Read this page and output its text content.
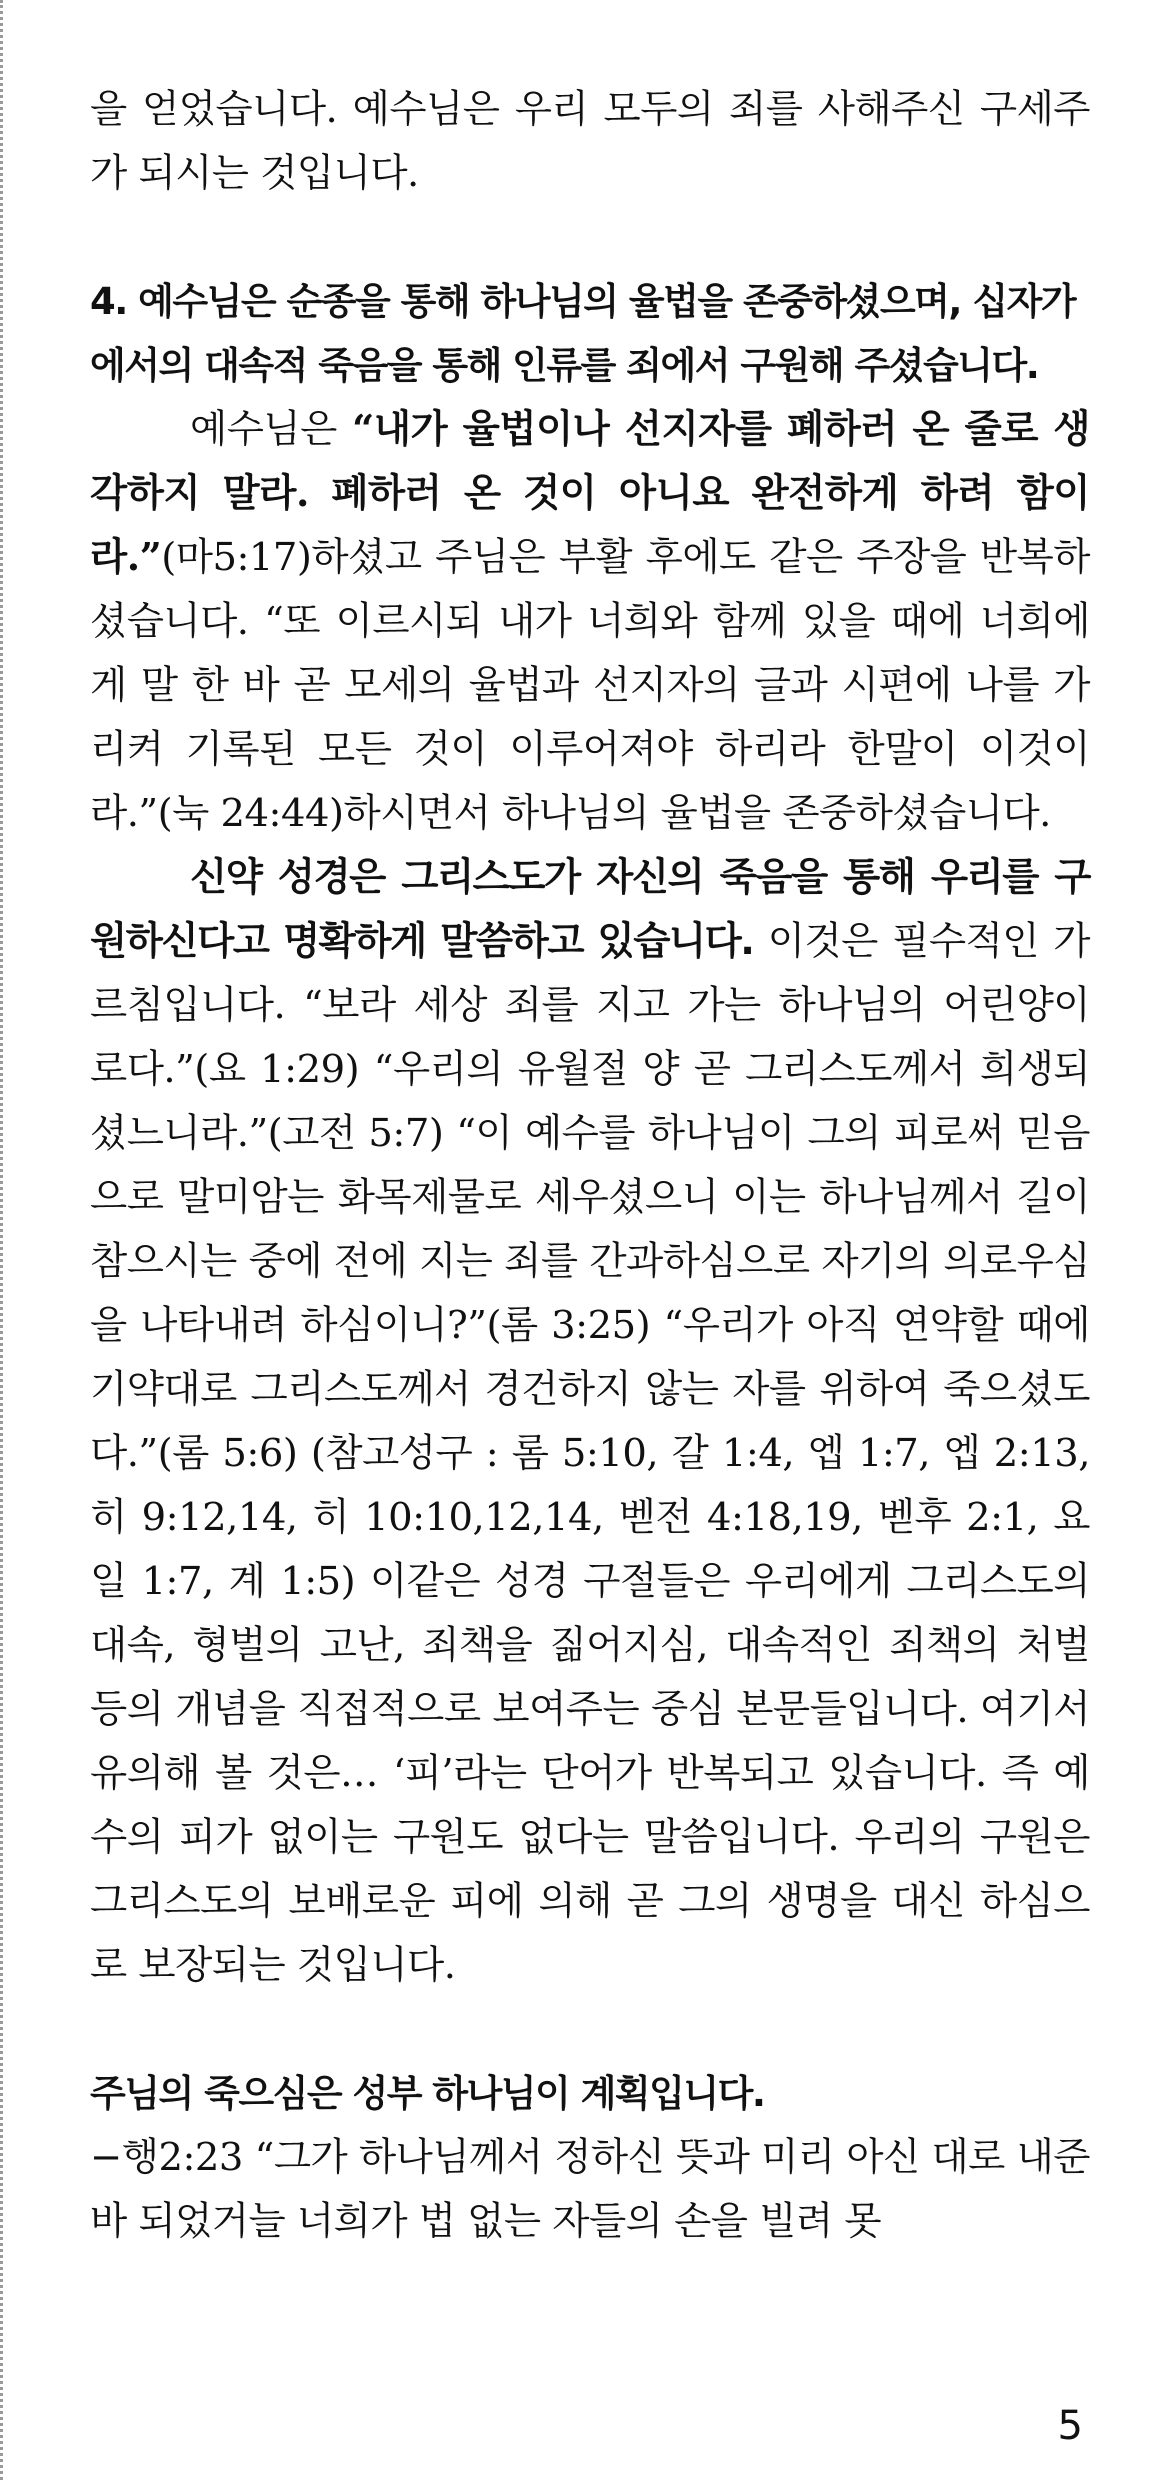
을 얻었습니다. 예수님은 우리 모두의 죄를 사해주신 구세주가 되시는 것입니다.

4. 예수님은 순종을 통해 하나님의 율법을 존중하셨으며, 십자가에서의 대속적 죽음을 통해 인류를 죄에서 구원해 주셨습니다.

예수님은 “내가 율법이나 선지자를 폐하러 온 줄로 생각하지 말라. 폐하러 온 것이 아니요 완전하게 하려 함이라.”(마5:17)하셨고 주님은 부활 후에도 같은 주장을 반복하셨습니다. “또 이르시되 내가 너희와 함께 있을 때에 너희에게 말 한 바 곧 모세의 율법과 선지자의 글과 시편에 나를 가리켜 기록된 모든 것이 이루어져야 하리라 한말이 이것이라.”(눅 24:44)하시면서 하나님의 율법을 존중하셨습니다.

신약 성경은 그리스도가 자신의 죽음을 통해 우리를 구원하신다고 명확하게 말씀하고 있습니다. 이것은 필수적인 가르침입니다. “보라 세상 죄를 지고 가는 하나님의 어린양이 로다.”(요 1:29) “우리의 유월절 양 곧 그리스도께서 희생되셨느니라.”(고전 5:7) “이 예수를 하나님이 그의 피로써 믿음으로 말미암는 화목제물로 세우셨으니 이는 하나님께서 길이 참으시는 중에 전에 지는 죄를 간과하심으로 자기의 의로우심을 나타내려 하심이니?”(롬 3:25) “우리가 아직 연약할 때에 기약대로 그리스도께서 경건하지 않는 자를 위하여 죽으셨도다.”(롬 5:6) (참고성구 : 롬 5:10, 갈 1:4, 엡 1:7, 엡 2:13, 히 9:12,14, 히 10:10,12,14, 벧전 4:18,19, 벧후 2:1, 요일 1:7, 계 1:5) 이같은 성경 구절들은 우리에게 그리스도의 대속, 형벌의 고난, 죄책을 짊어지심, 대속적인 죄책의 처벌 등의 개념을 직접적으로 보여주는 중심 본문들입니다. 여기서 유의해 볼 것은… ‘피’라는 단어가 반복되고 있습니다. 즉 예수의 피가 없이는 구원도 없다는 말씀입니다. 우리의 구원은 그리스도의 보배로운 피에 의해 곧 그의 생명을 대신 하심으로 보장되는 것입니다.

주님의 죽으심은 성부 하나님이 계획입니다.

−행2:23 “그가 하나님께서 정하신 뜻과 미리 아신 대로 내준 바 되었거늘 너희가 법 없는 자들의 손을 빌려 못

5
